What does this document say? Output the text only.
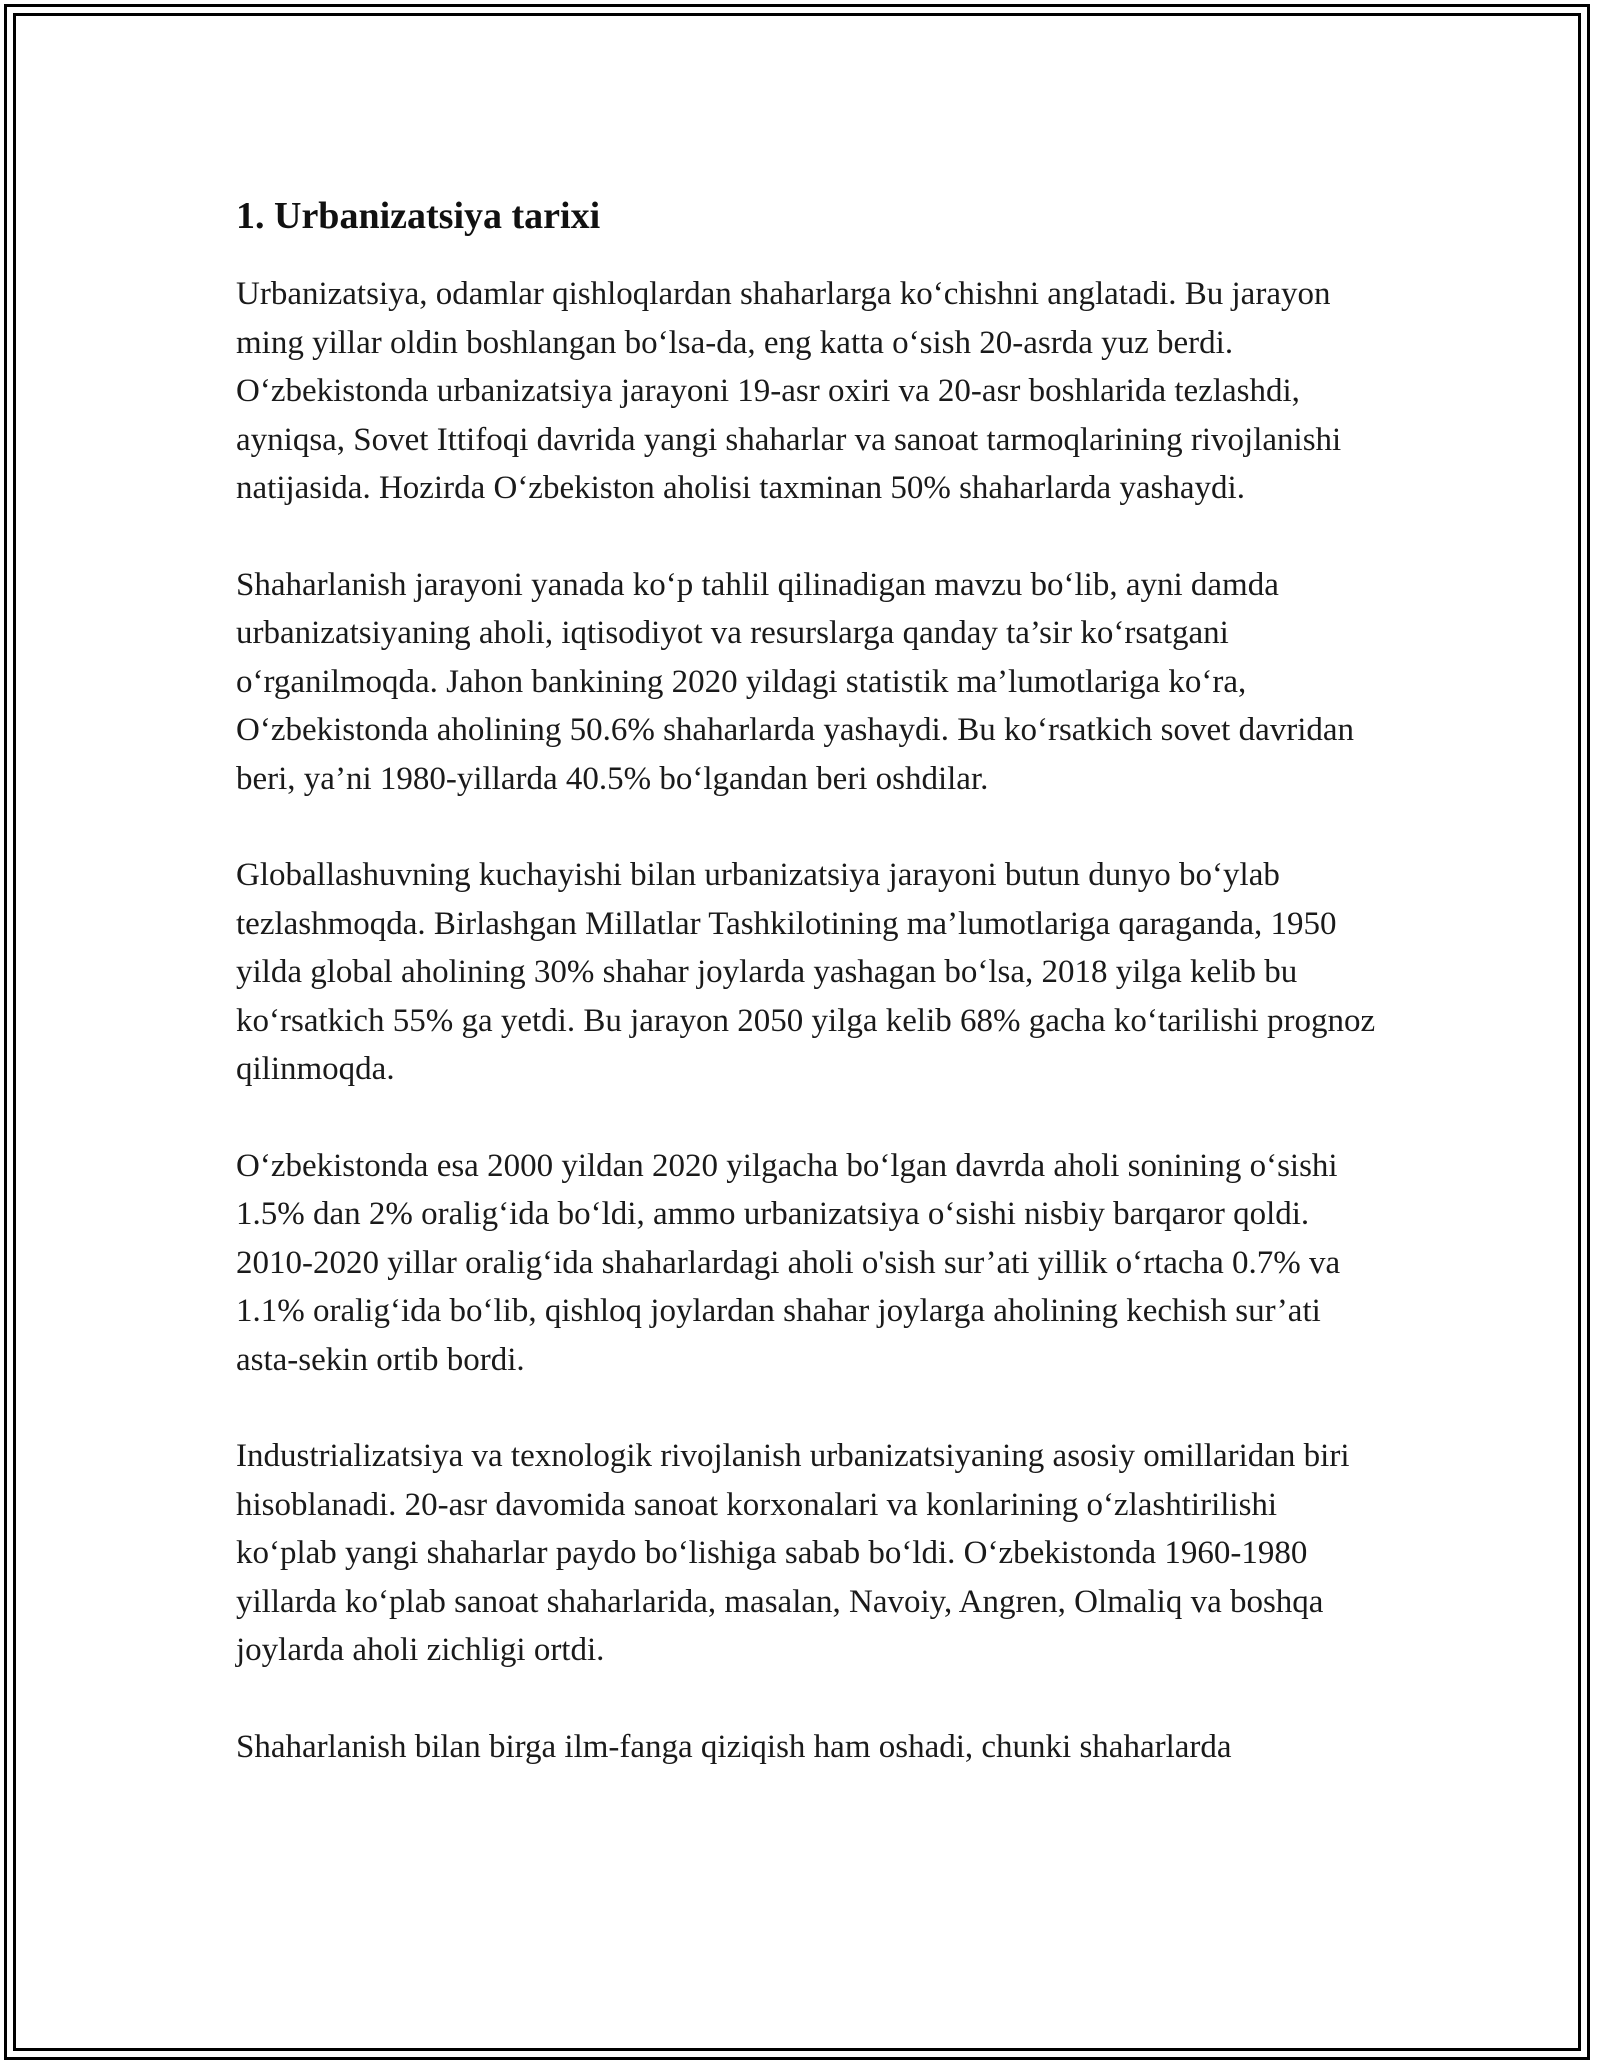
1. Urbanizatsiya tarixi

Urbanizatsiya, odamlar qishloqlardan shaharlarga ko‘chishni anglatadi. Bu jarayon ming yillar oldin boshlangan bo‘lsa-da, eng katta o‘sish 20-asrda yuz berdi. O‘zbekistonda urbanizatsiya jarayoni 19-asr oxiri va 20-asr boshlarida tezlashdi, ayniqsa, Sovet Ittifoqi davrida yangi shaharlar va sanoat tarmoqlarining rivojlanishi natijasida. Hozirda O‘zbekiston aholisi taxminan 50% shaharlarda yashaydi.

Shaharlanish jarayoni yanada ko‘p tahlil qilinadigan mavzu bo‘lib, ayni damda urbanizatsiyaning aholi, iqtisodiyot va resurslarga qanday ta’sir ko‘rsatgani o‘rganilmoqda. Jahon bankining 2020 yildagi statistik ma’lumotlariga ko‘ra, O‘zbekistonda aholining 50.6% shaharlarda yashaydi. Bu ko‘rsatkich sovet davridan beri, ya’ni 1980-yillarda 40.5% bo‘lgandan beri oshdilar.

Globallashuvning kuchayishi bilan urbanizatsiya jarayoni butun dunyo bo‘ylab tezlashmoqda. Birlashgan Millatlar Tashkilotining ma’lumotlariga qaraganda, 1950 yilda global aholining 30% shahar joylarda yashagan bo‘lsa, 2018 yilga kelib bu ko‘rsatkich 55% ga yetdi. Bu jarayon 2050 yilga kelib 68% gacha ko‘tarilishi prognoz qilinmoqda.

O‘zbekistonda esa 2000 yildan 2020 yilgacha bo‘lgan davrda aholi sonining o‘sishi 1.5% dan 2% oralig‘ida bo‘ldi, ammo urbanizatsiya o‘sishi nisbiy barqaror qoldi. 2010-2020 yillar oralig‘ida shaharlardagi aholi o'sish sur’ati yillik o‘rtacha 0.7% va 1.1% oralig‘ida bo‘lib, qishloq joylardan shahar joylarga aholining kechish sur’ati asta-sekin ortib bordi.

Industrializatsiya va texnologik rivojlanish urbanizatsiyaning asosiy omillaridan biri hisoblanadi. 20-asr davomida sanoat korxonalari va konlarining o‘zlashtirilishi ko‘plab yangi shaharlar paydo bo‘lishiga sabab bo‘ldi. O‘zbekistonda 1960-1980 yillarda ko‘plab sanoat shaharlarida, masalan, Navoiy, Angren, Olmaliq va boshqa joylarda aholi zichligi ortdi.

Shaharlanish bilan birga ilm-fanga qiziqish ham oshadi, chunki shaharlarda
